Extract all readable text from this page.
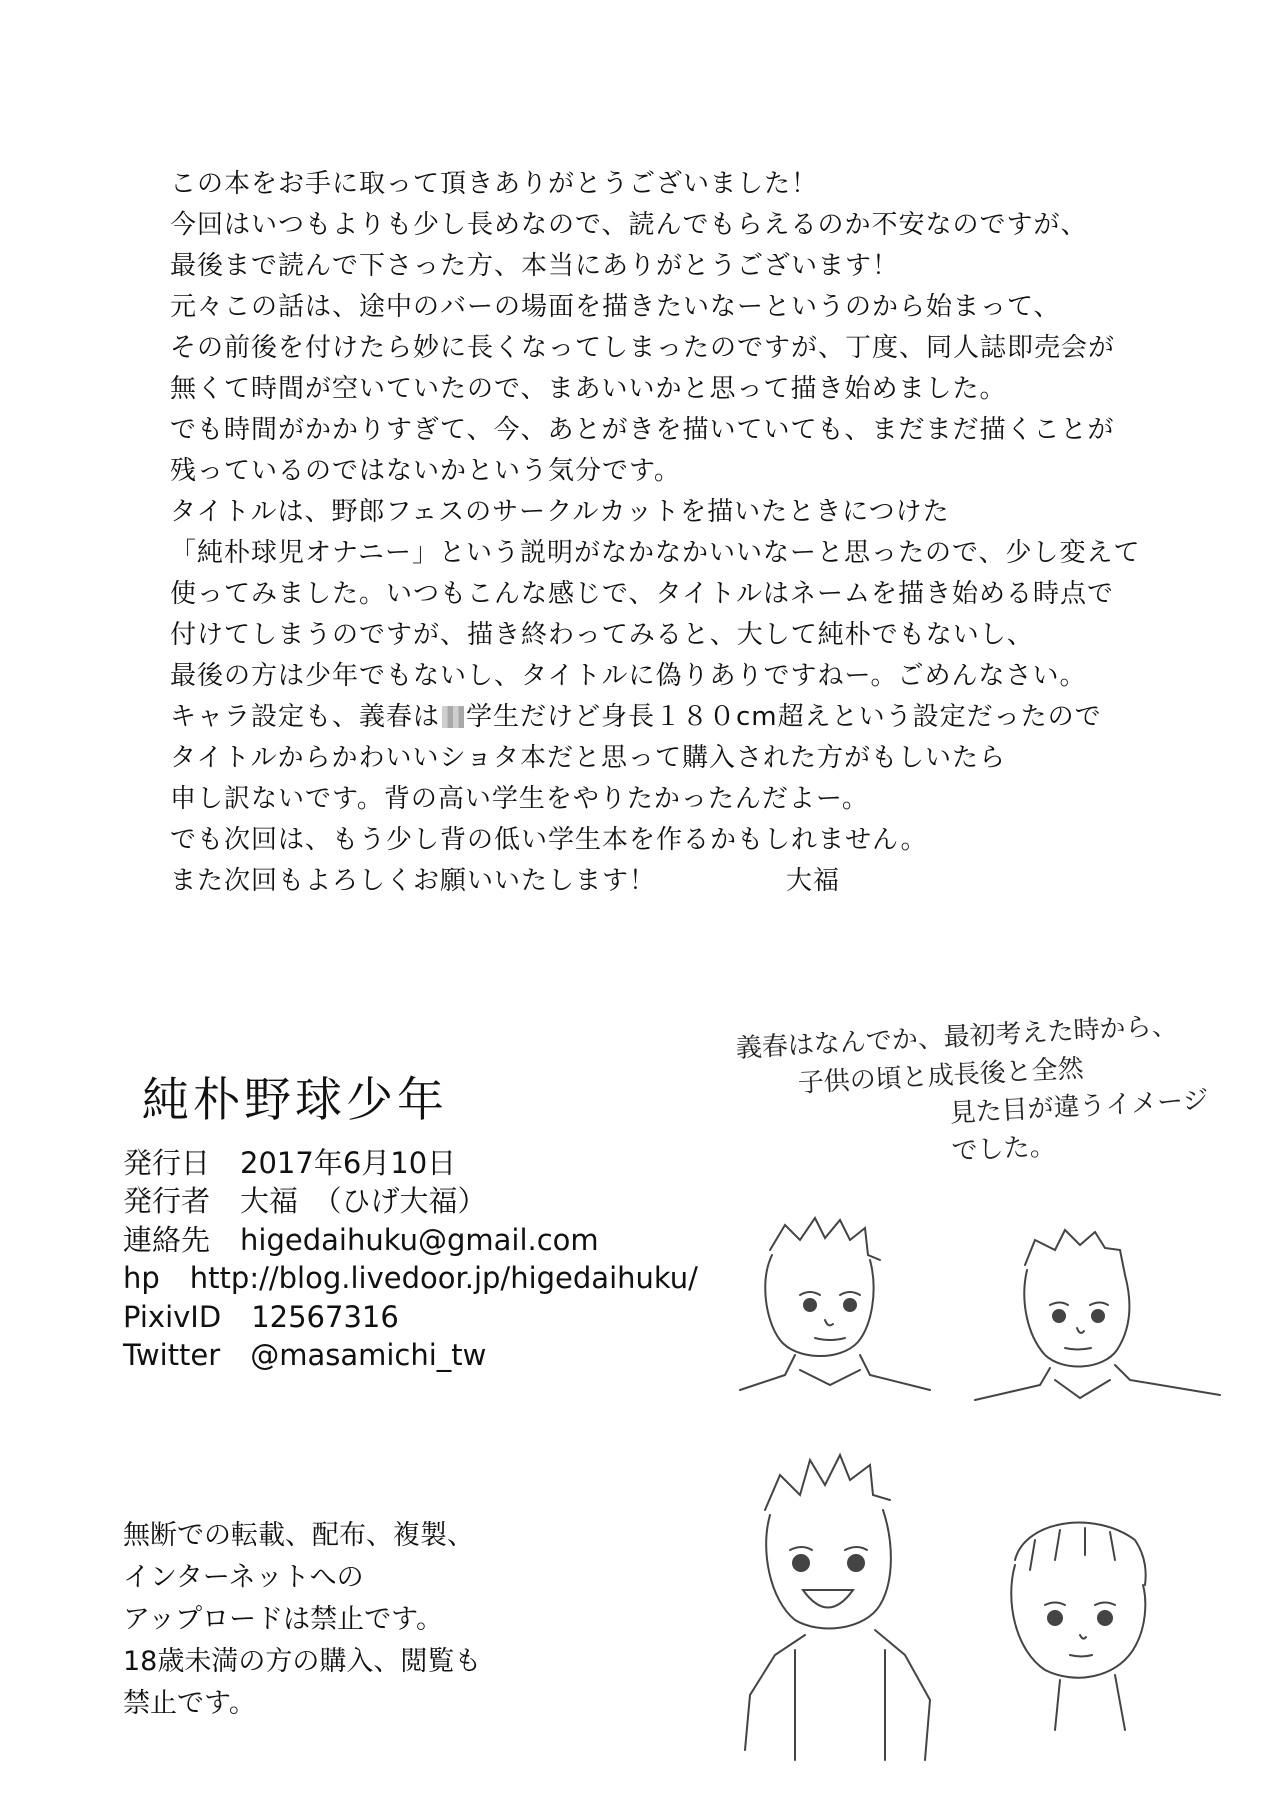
この本をお手に取って頂きありがとうございました！
今回はいつもよりも少し長めなので、読んでもらえるのか不安なのですが、
最後まで読んで下さった方、本当にありがとうございます！
元々この話は、途中のバーの場面を描きたいなーというのから始まって、
その前後を付けたら妙に長くなってしまったのですが、丁度、同人誌即売会が
無くて時間が空いていたので、まあいいかと思って描き始めました。
でも時間がかかりすぎて、今、あとがきを描いていても、まだまだ描くことが
残っているのではないかという気分です。
タイトルは、野郎フェスのサークルカットを描いたときにつけた
「純朴球児オナニー」という説明がなかなかいいなーと思ったので、少し変えて
使ってみました。いつもこんな感じで、タイトルはネームを描き始める時点で
付けてしまうのですが、描き終わってみると、大して純朴でもないし、
最後の方は少年でもないし、タイトルに偽りありですねー。ごめんなさい。
キャラ設定も、義春は 学生だけど身長１８０cm超えという設定だったので
タイトルからかわいいショタ本だと思って購入された方がもしいたら
申し訳ないです。背の高い学生をやりたかったんだよー。
でも次回は、もう少し背の低い学生本を作るかもしれません。
また次回もよろしくお願いいたします！	大福
純朴野球少年
発行日 2017年6月10日
発行者 大福　（ひげ大福）
連絡先 higedaihuku@gmail.com
hp http://blog.livedoor.jp/higedaihuku/
PixivID 12567316
Twitter @masamichi_tw
無断での転載、配布、複製、
インターネットへの
アップロードは禁止です。
18歳未満の方の購入、閲覧も
禁止です。
義春はなんでか、最初考えた時から、
子供の頃と成長後と全然
見た目が違うイメージ
でした。
